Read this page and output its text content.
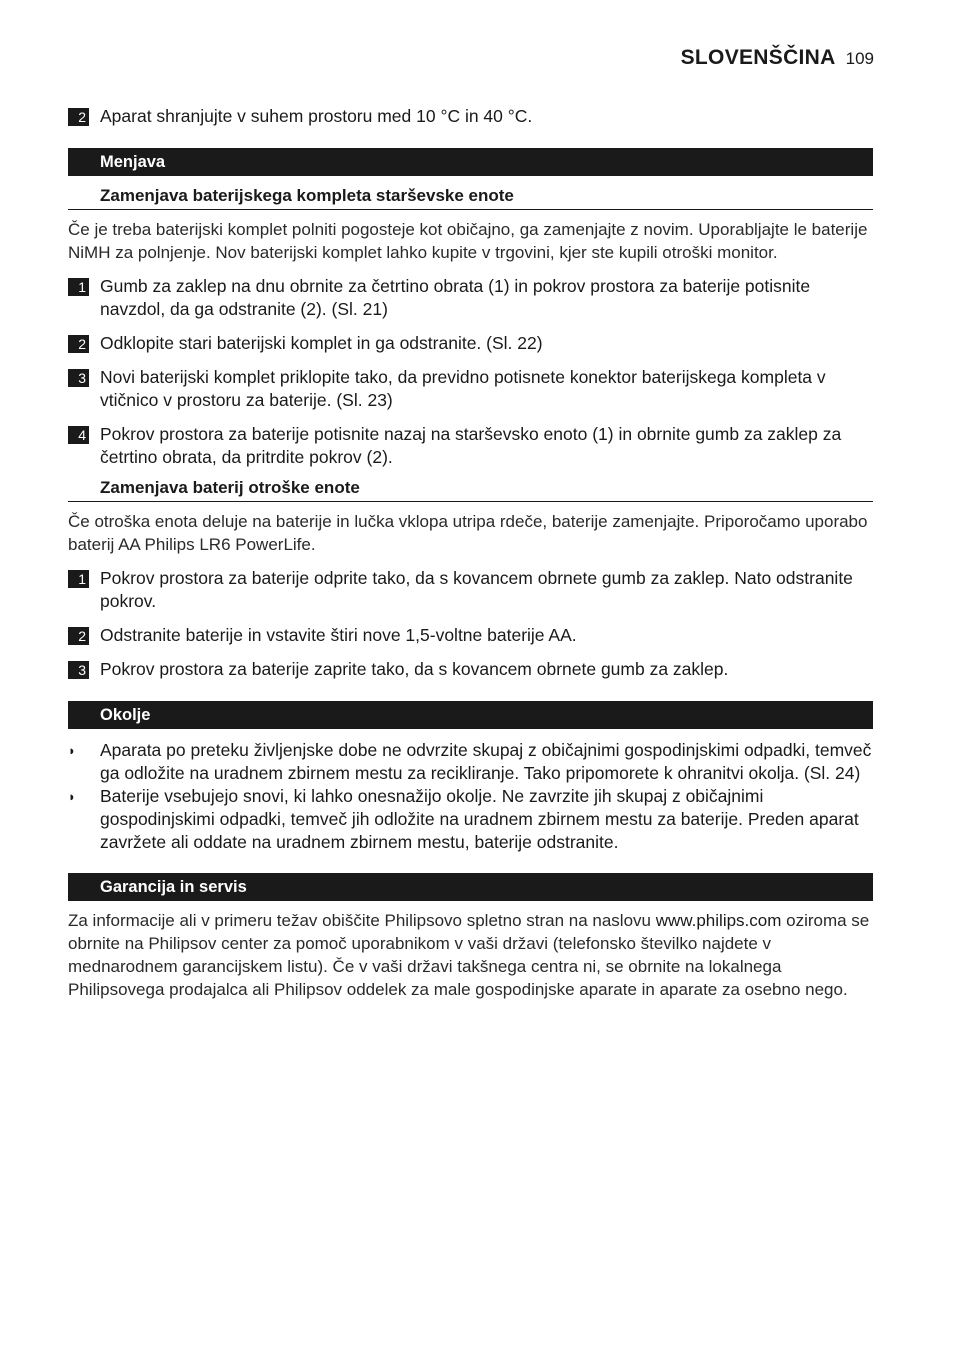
SLOVENŠČINA 109
2 Aparat shranjujte v suhem prostoru med 10 °C in 40 °C.
Menjava
Zamenjava baterijskega kompleta starševske enote
Če je treba baterijski komplet polniti pogosteje kot običajno, ga zamenjajte z novim. Uporabljajte le baterije NiMH za polnjenje. Nov baterijski komplet lahko kupite v trgovini, kjer ste kupili otroški monitor.
1 Gumb za zaklep na dnu obrnite za četrtino obrata (1) in pokrov prostora za baterije potisnite navzdol, da ga odstranite (2). (Sl. 21)
2 Odklopite stari baterijski komplet in ga odstranite. (Sl. 22)
3 Novi baterijski komplet priklopite tako, da previdno potisnete konektor baterijskega kompleta v vtičnico v prostoru za baterije. (Sl. 23)
4 Pokrov prostora za baterije potisnite nazaj na starševsko enoto (1) in obrnite gumb za zaklep za četrtino obrata, da pritrdite pokrov (2).
Zamenjava baterij otroške enote
Če otroška enota deluje na baterije in lučka vklopa utripa rdeče, baterije zamenjajte. Priporočamo uporabo baterij AA Philips LR6 PowerLife.
1 Pokrov prostora za baterije odprite tako, da s kovancem obrnete gumb za zaklep. Nato odstranite pokrov.
2 Odstranite baterije in vstavite štiri nove 1,5-voltne baterije AA.
3 Pokrov prostora za baterije zaprite tako, da s kovancem obrnete gumb za zaklep.
Okolje
◗	Aparata po preteku življenjske dobe ne odvrzite skupaj z običajnimi gospodinjskimi odpadki, temveč ga odložite na uradnem zbirnem mestu za recikliranje. Tako pripomorete k ohranitvi okolja. (Sl. 24)
◗	Baterije vsebujejo snovi, ki lahko onesnažijo okolje. Ne zavrzite jih skupaj z običajnimi gospodinjskimi odpadki, temveč jih odložite na uradnem zbirnem mestu za baterije. Preden aparat zavržete ali oddate na uradnem zbirnem mestu, baterije odstranite.
Garancija in servis
Za informacije ali v primeru težav obiščite Philipsovo spletno stran na naslovu www.philips.com oziroma se obrnite na Philipsov center za pomoč uporabnikom v vaši državi (telefonsko številko najdete v mednarodnem garancijskem listu). Če v vaši državi takšnega centra ni, se obrnite na lokalnega Philipsovega prodajalca ali Philipsov oddelek za male gospodinjske aparate in aparate za osebno nego.
